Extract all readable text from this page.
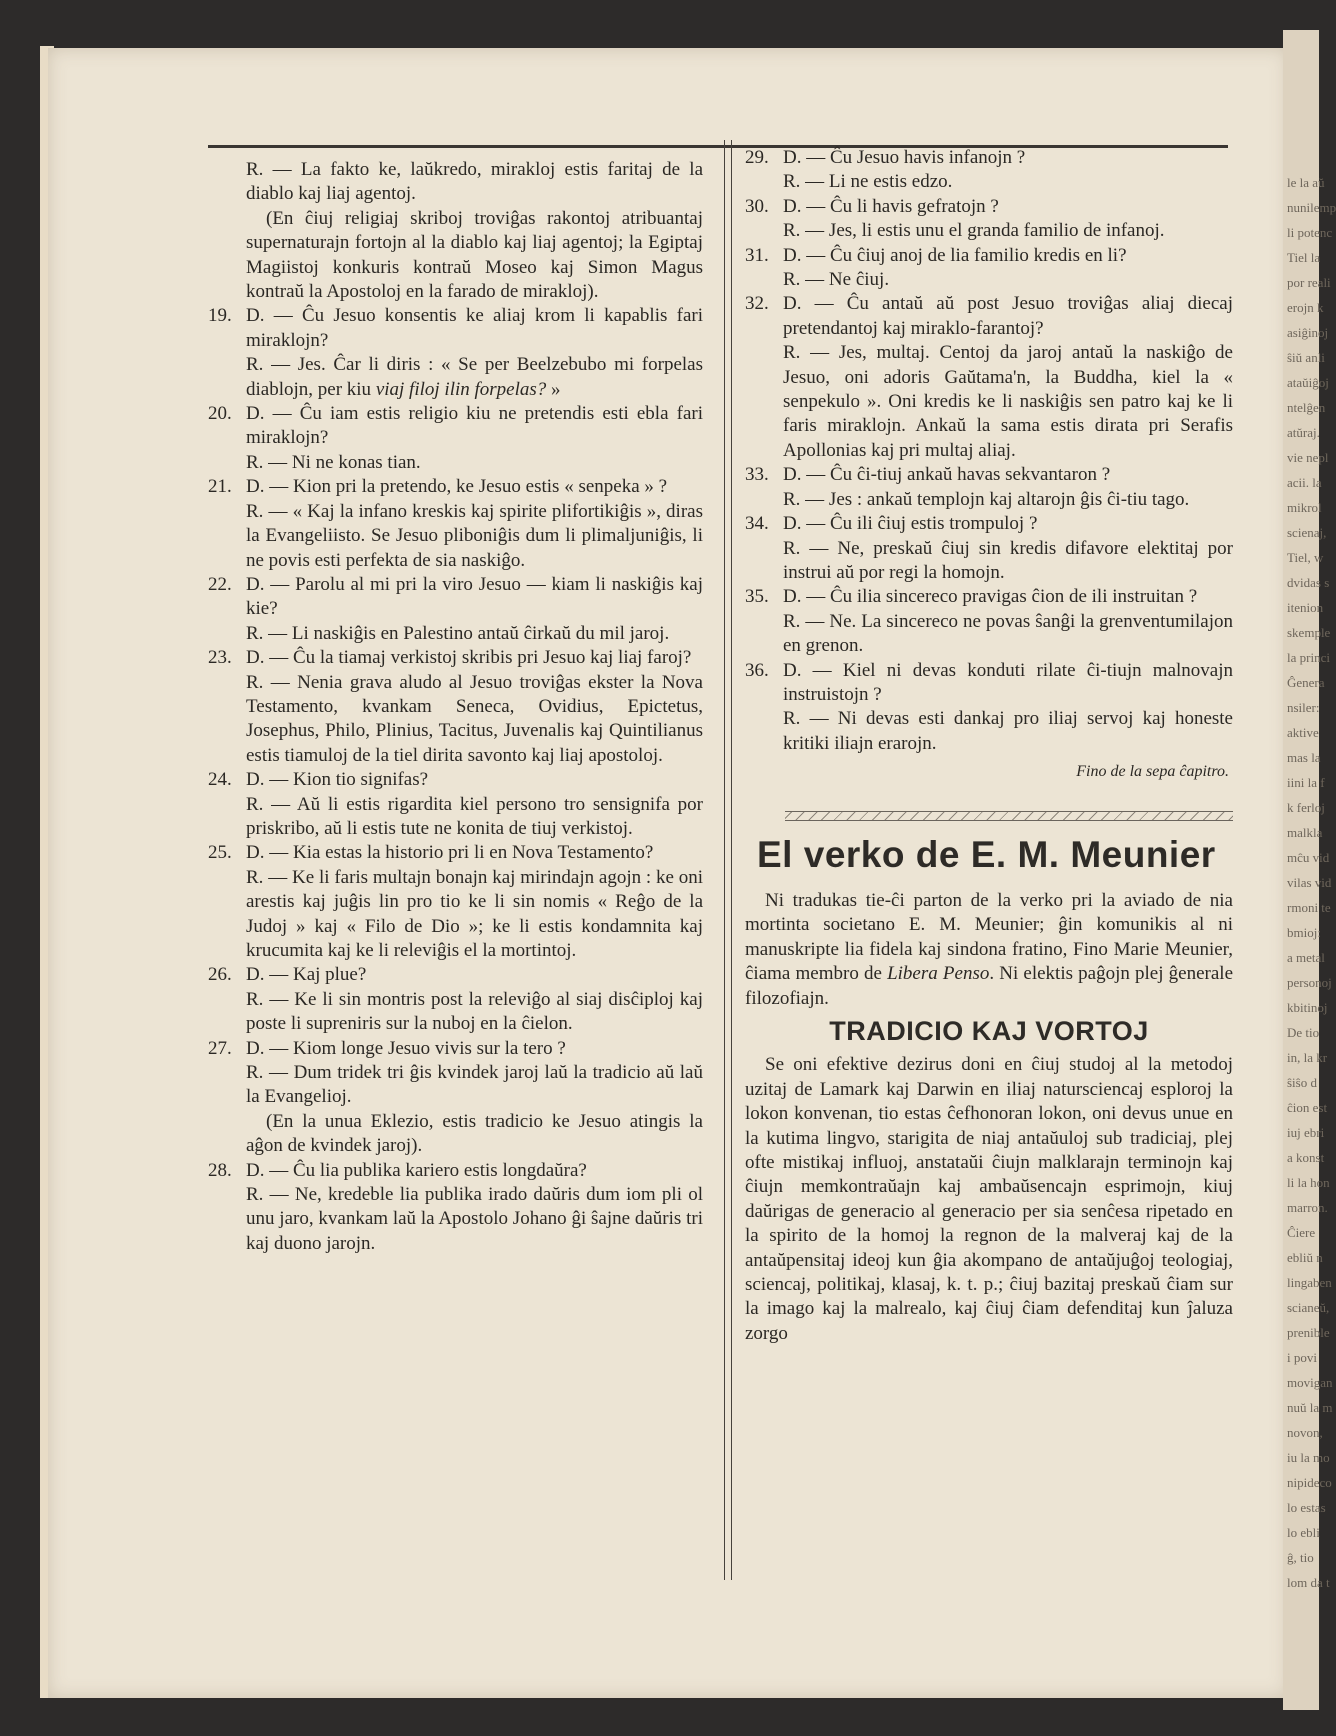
le la aŭ
nunilemp
li potenc
Tiel la
por reali
erojn k
asiĝinoj
ŝiŭ anli
ataŭiĝoj
ntelĝen
atŭraj.
vie nepl
acii. la
mikrol
scienaj,
Tiel, w
dvidas s
itenion
skemple
la princi
Ĝenera
nsiler:
aktive
mas la
iini la f
k ferloj
malkla
mĉu vid
vilas vid
rmoni te
bmioj:
a metal
personoj
kbitinoj
De tio
in, la kr
ŝiŝo d
ĉion est
iuj ebri
a konst
li la hon
marron.
Ĉiere
ebliŭ n
lingaben
scianeŭ,
prenible
i povi
movigan
nuŭ la m
novon,
iu la mo
nipideco
lo estas
lo ebli
ĝ, tio
lom da t

R. — La fakto ke, laŭkredo, mirakloj estis faritaj de la diablo kaj liaj agentoj.

(En ĉiuj religiaj skriboj troviĝas rakontoj atribuantaj supernaturajn fortojn al la diablo kaj liaj agentoj; la Egiptaj Magiistoj konkuris kontraŭ Moseo kaj Simon Magus kontraŭ la Apostoloj en la farado de mirakloj).

19. D. — Ĉu Jesuo konsentis ke aliaj krom li kapablis fari miraklojn?

R. — Jes. Ĉar li diris : « Se per Beelzebubo mi forpelas diablojn, per kiu viaj filoj ilin forpelas? »

20. D. — Ĉu iam estis religio kiu ne pretendis esti ebla fari miraklojn?

R. — Ni ne konas tian.

21. D. — Kion pri la pretendo, ke Jesuo estis « senpeka » ?

R. — « Kaj la infano kreskis kaj spirite plifortikiĝis », diras la Evangeliisto. Se Jesuo pliboniĝis dum li plimaljuniĝis, li ne povis esti perfekta de sia naskiĝo.

22. D. — Parolu al mi pri la viro Jesuo — kiam li naskiĝis kaj kie?

R. — Li naskiĝis en Palestino antaŭ ĉirkaŭ du mil jaroj.

23. D. — Ĉu la tiamaj verkistoj skribis pri Jesuo kaj liaj faroj?

R. — Nenia grava aludo al Jesuo troviĝas ekster la Nova Testamento, kvankam Seneca, Ovidius, Epictetus, Josephus, Philo, Plinius, Tacitus, Juvenalis kaj Quintilianus estis tiamuloj de la tiel dirita savonto kaj liaj apostoloj.

24. D. — Kion tio signifas?

R. — Aŭ li estis rigardita kiel persono tro sensignifa por priskribo, aŭ li estis tute ne konita de tiuj verkistoj.

25. D. — Kia estas la historio pri li en Nova Testamento?

R. — Ke li faris multajn bonajn kaj mirindajn agojn : ke oni arestis kaj juĝis lin pro tio ke li sin nomis « Reĝo de la Judoj » kaj « Filo de Dio »; ke li estis kondamnita kaj krucumita kaj ke li releviĝis el la mortintoj.

26. D. — Kaj plue?

R. — Ke li sin montris post la releviĝo al siaj disĉiploj kaj poste li supreniris sur la nuboj en la ĉielon.

27. D. — Kiom longe Jesuo vivis sur la tero ?

R. — Dum tridek tri ĝis kvindek jaroj laŭ la tradicio aŭ laŭ la Evangelioj.

(En la unua Eklezio, estis tradicio ke Jesuo atingis la aĝon de kvindek jaroj).

28. D. — Ĉu lia publika kariero estis longdaŭra?

R. — Ne, kredeble lia publika irado daŭris dum iom pli ol unu jaro, kvankam laŭ la Apostolo Johano ĝi ŝajne daŭris tri kaj duono jarojn.

29. D. — Ĉu Jesuo havis infanojn ?

R. — Li ne estis edzo.

30. D. — Ĉu li havis gefratojn ?

R. — Jes, li estis unu el granda familio de infanoj.

31. D. — Ĉu ĉiuj anoj de lia familio kredis en li?

R. — Ne ĉiuj.

32. D. — Ĉu antaŭ aŭ post Jesuo troviĝas aliaj diecaj pretendantoj kaj miraklo-farantoj?

R. — Jes, multaj. Centoj da jaroj antaŭ la naskiĝo de Jesuo, oni adoris Gaŭtama'n, la Buddha, kiel la « senpekulo ». Oni kredis ke li naskiĝis sen patro kaj ke li faris miraklojn. Ankaŭ la sama estis dirata pri Serafis Apollonias kaj pri multaj aliaj.

33. D. — Ĉu ĉi-tiuj ankaŭ havas sekvantaron ?

R. — Jes : ankaŭ templojn kaj altarojn ĝis ĉi-tiu tago.

34. D. — Ĉu ili ĉiuj estis trompuloj ?

R. — Ne, preskaŭ ĉiuj sin kredis difavore elektitaj por instrui aŭ por regi la homojn.

35. D. — Ĉu ilia sincereco pravigas ĉion de ili instruitan ?

R. — Ne. La sincereco ne povas ŝanĝi la grenventumilajon en grenon.

36. D. — Kiel ni devas konduti rilate ĉi-tiujn malnovajn instruistojn ?

R. — Ni devas esti dankaj pro iliaj servoj kaj honeste kritiki iliajn erarojn.

Fino de la sepa ĉapitro.

El verko de E. M. Meunier

Ni tradukas tie-ĉi parton de la verko pri la aviado de nia mortinta societano E. M. Meunier; ĝin komunikis al ni manuskripte lia fidela kaj sindona fratino, Fino Marie Meunier, ĉiama membro de Libera Penso. Ni elektis paĝojn plej ĝenerale filozofiajn.

TRADICIO KAJ VORTOJ

Se oni efektive dezirus doni en ĉiuj studoj al la metodoj uzitaj de Lamark kaj Darwin en iliaj natursciencaj esploroj la lokon konvenan, tio estas ĉefhonoran lokon, oni devus unue en la kutima lingvo, starigita de niaj antaŭuloj sub tradiciaj, plej ofte mistikaj influoj, anstataŭi ĉiujn malklarajn terminojn kaj ĉiujn memkontraŭajn kaj ambaŭsencajn esprimojn, kiuj daŭrigas de generacio al generacio per sia senĉesa ripetado en la spirito de la homoj la regnon de la malveraj kaj de la antaŭpensitaj ideoj kun ĝia akompano de antaŭjuĝoj teologiaj, sciencaj, politikaj, klasaj, k. t. p.; ĉiuj bazitaj preskaŭ ĉiam sur la imago kaj la malrealo, kaj ĉiuj ĉiam defenditaj kun ĵaluza zorgo
